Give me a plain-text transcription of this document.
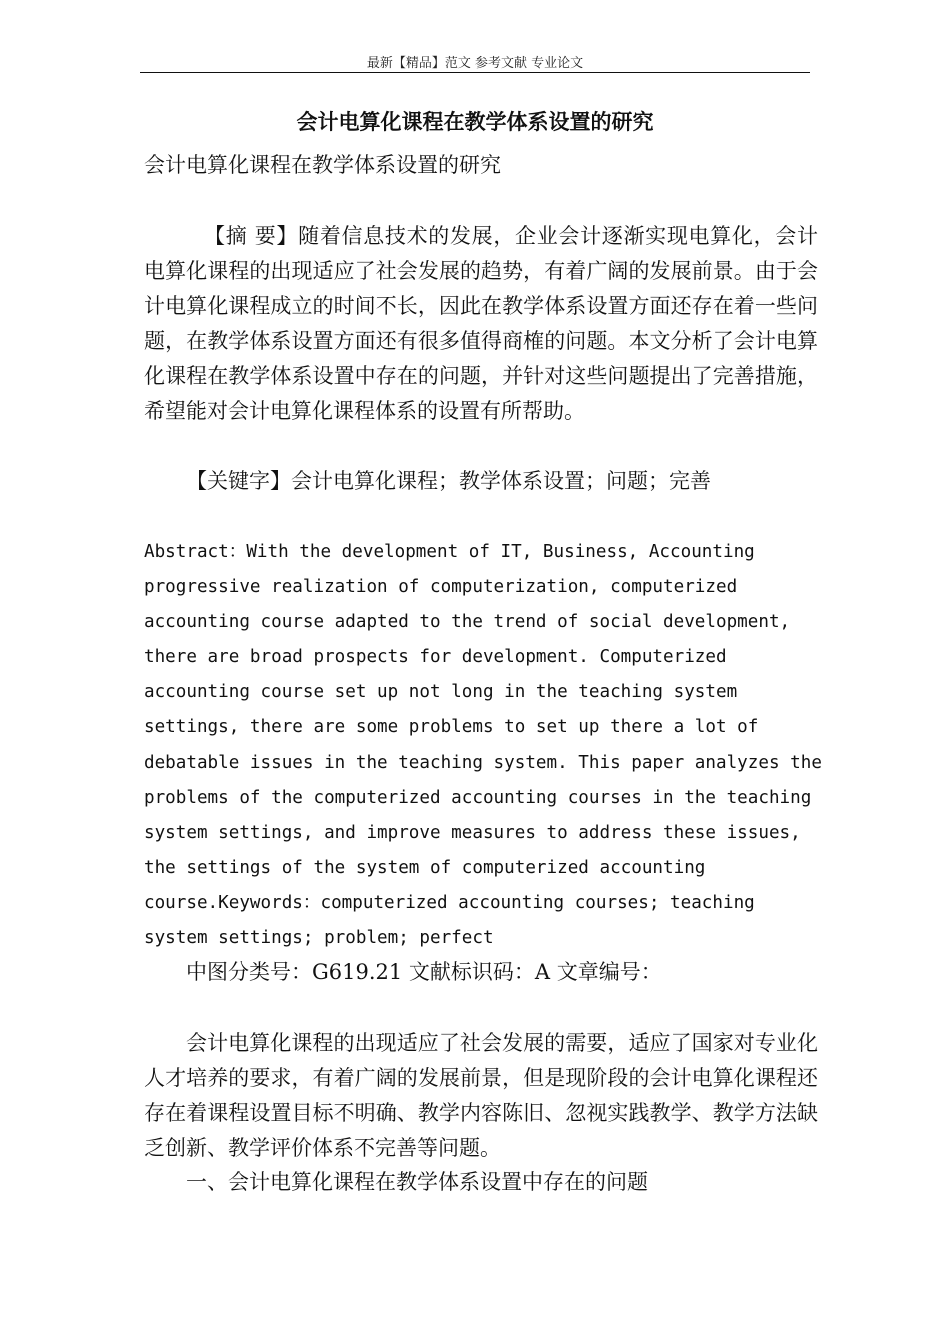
最新【精品】范文 参考文献 专业论文
会计电算化课程在教学体系设置的研究

会计电算化课程在教学体系设置的研究

【摘 要】随着信息技术的发展，企业会计逐渐实现电算化，会计电算化课程的出现适应了社会发展的趋势，有着广阔的发展前景。由于会计电算化课程成立的时间不长，因此在教学体系设置方面还存在着一些问题，在教学体系设置方面还有很多值得商榷的问题。本文分析了会计电算化课程在教学体系设置中存在的问题，并针对这些问题提出了完善措施，希望能对会计电算化课程体系的设置有所帮助。

【关键字】会计电算化课程；教学体系设置；问题；完善

Abstract：With the development of IT, Business, Accounting progressive realization of computerization, computerized accounting course adapted to the trend of social development, there are broad prospects for development. Computerized accounting course set up not long in the teaching system settings, there are some problems to set up there a lot of debatable issues in the teaching system. This paper analyzes the problems of the computerized accounting courses in the teaching system settings, and improve measures to address these issues, the settings of the system of computerized accounting course.Keywords：computerized accounting courses; teaching system settings; problem; perfect

中图分类号：G619.21 文献标识码：A 文章编号：

会计电算化课程的出现适应了社会发展的需要，适应了国家对专业化人才培养的要求，有着广阔的发展前景，但是现阶段的会计电算化课程还存在着课程设置目标不明确、教学内容陈旧、忽视实践教学、教学方法缺乏创新、教学评价体系不完善等问题。

一、会计电算化课程在教学体系设置中存在的问题
